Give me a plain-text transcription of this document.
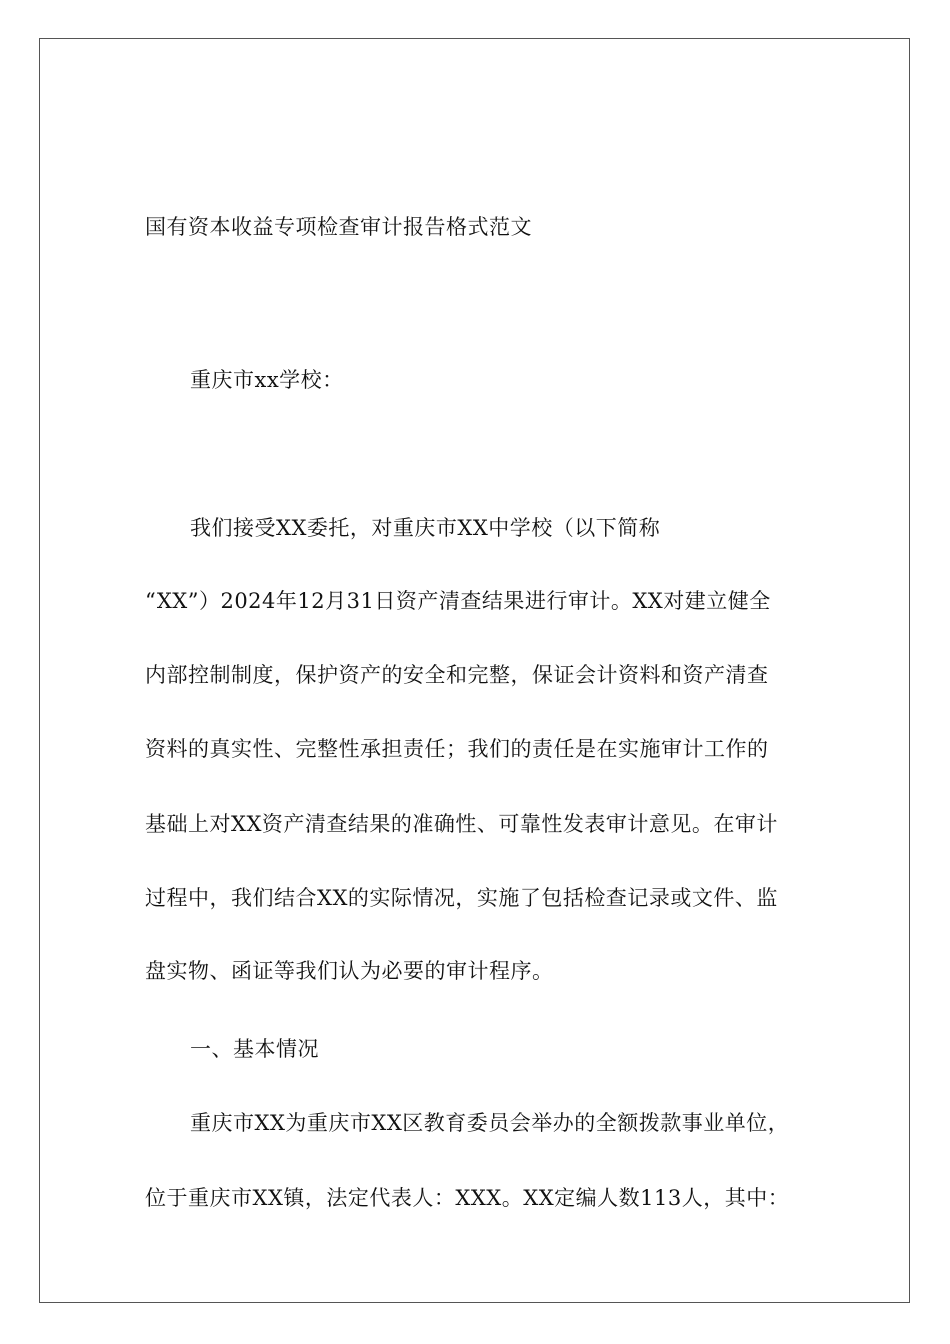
国有资本收益专项检查审计报告格式范文
重庆市xx学校：
我们接受XX委托，对重庆市XX中学校（以下简称
“XX”）2024年12月31日资产清查结果进行审计。XX对建立健全
内部控制制度，保护资产的安全和完整，保证会计资料和资产清查
资料的真实性、完整性承担责任；我们的责任是在实施审计工作的
基础上对XX资产清查结果的准确性、可靠性发表审计意见。在审计
过程中，我们结合XX的实际情况，实施了包括检查记录或文件、监
盘实物、函证等我们认为必要的审计程序。
一、基本情况
重庆市XX为重庆市XX区教育委员会举办的全额拨款事业单位，
位于重庆市XX镇，法定代表人：XXX。XX定编人数113人，其中：
